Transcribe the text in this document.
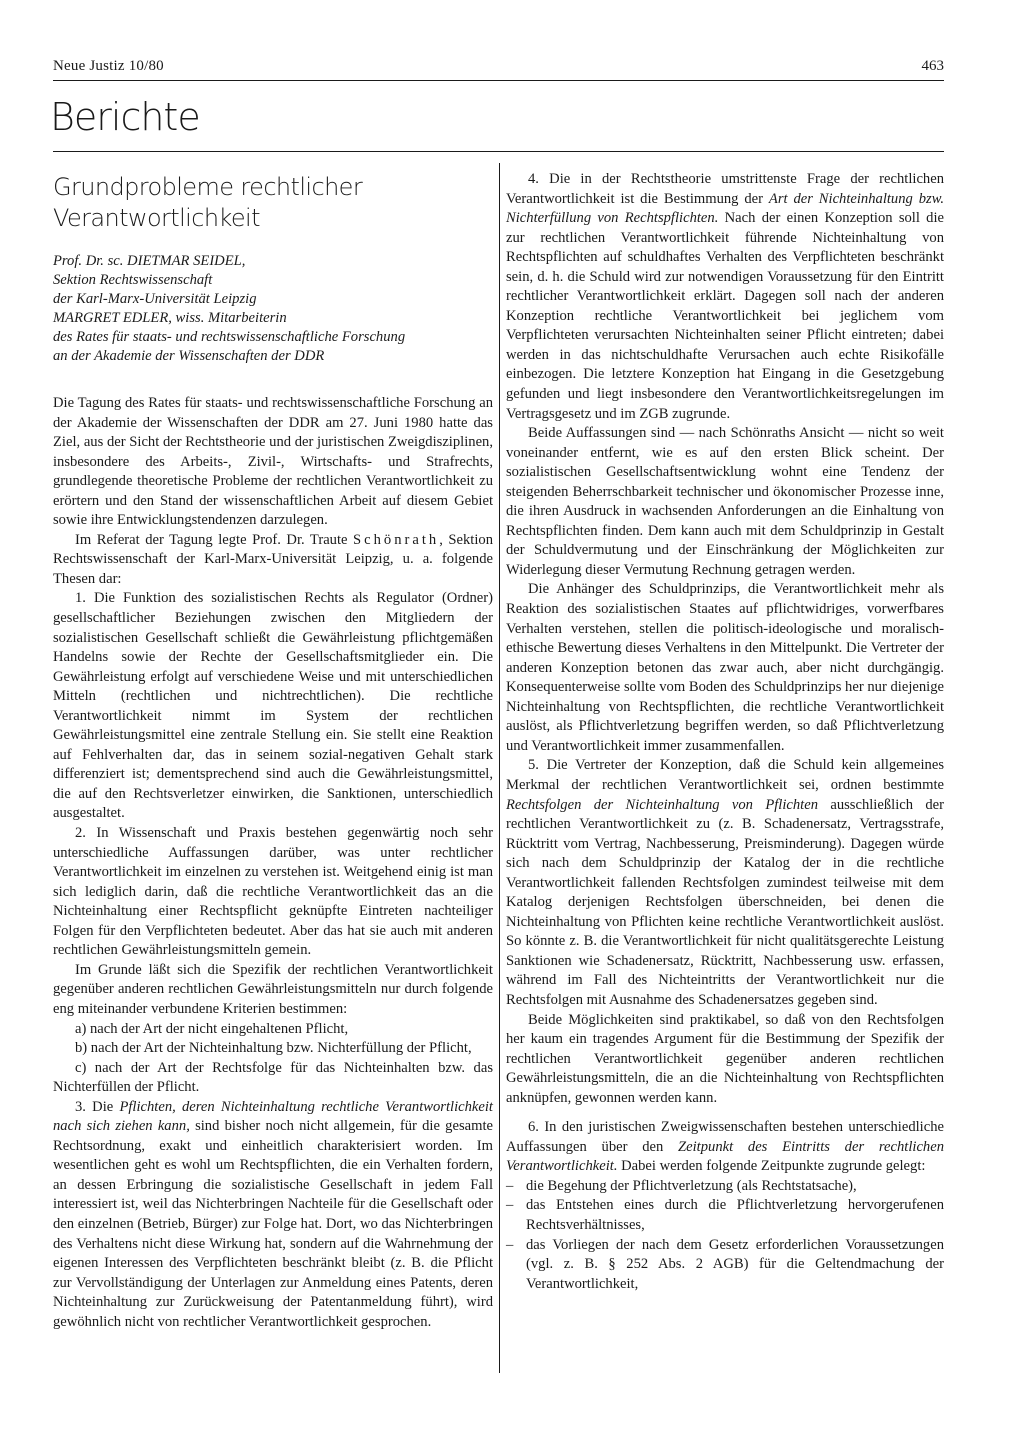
Neue Justiz 10/80	463
Berichte
Grundprobleme rechtlicher
Verantwortlichkeit
Prof. Dr. sc. DIETMAR SEIDEL,
Sektion Rechtswissenschaft
der Karl-Marx-Universität Leipzig
MARGRET EDLER, wiss. Mitarbeiterin
des Rates für staats- und rechtswissenschaftliche Forschung
an der Akademie der Wissenschaften der DDR

Die Tagung des Rates für staats- und rechtswissenschaftliche Forschung an der Akademie der Wissenschaften der DDR am 27. Juni 1980 hatte das Ziel, aus der Sicht der Rechtstheorie und der juristischen Zweigdisziplinen, insbesondere des Arbeits-, Zivil-, Wirtschafts- und Strafrechts, grundlegende theoretische Probleme der rechtlichen Verantwortlichkeit zu erörtern und den Stand der wissenschaftlichen Arbeit auf diesem Gebiet sowie ihre Entwicklungstendenzen darzulegen.

Im Referat der Tagung legte Prof. Dr. Traute Schönrath, Sektion Rechtswissenschaft der Karl-Marx-Universität Leipzig, u. a. folgende Thesen dar:

1. Die Funktion des sozialistischen Rechts als Regulator (Ordner) gesellschaftlicher Beziehungen zwischen den Mitgliedern der sozialistischen Gesellschaft schließt die Gewährleistung pflichtgemäßen Handelns sowie der Rechte der Gesellschaftsmitglieder ein. Die Gewährleistung erfolgt auf verschiedene Weise und mit unterschiedlichen Mitteln (rechtlichen und nichtrechtlichen). Die rechtliche Verantwortlichkeit nimmt im System der rechtlichen Gewährleistungsmittel eine zentrale Stellung ein. Sie stellt eine Reaktion auf Fehlverhalten dar, das in seinem sozial-negativen Gehalt stark differenziert ist; dementsprechend sind auch die Gewährleistungsmittel, die auf den Rechtsverletzer einwirken, die Sanktionen, unterschiedlich ausgestaltet.

2. In Wissenschaft und Praxis bestehen gegenwärtig noch sehr unterschiedliche Auffassungen darüber, was unter rechtlicher Verantwortlichkeit im einzelnen zu verstehen ist. Weitgehend einig ist man sich lediglich darin, daß die rechtliche Verantwortlichkeit das an die Nichteinhaltung einer Rechtspflicht geknüpfte Eintreten nachteiliger Folgen für den Verpflichteten bedeutet. Aber das hat sie auch mit anderen rechtlichen Gewährleistungsmitteln gemein.

Im Grunde läßt sich die Spezifik der rechtlichen Verantwortlichkeit gegenüber anderen rechtlichen Gewährleistungsmitteln nur durch folgende eng miteinander verbundene Kriterien bestimmen:

a) nach der Art der nicht eingehaltenen Pflicht,

b) nach der Art der Nichteinhaltung bzw. Nichterfüllung der Pflicht,

c) nach der Art der Rechtsfolge für das Nichteinhalten bzw. das Nichterfüllen der Pflicht.

3. Die Pflichten, deren Nichteinhaltung rechtliche Verantwortlichkeit nach sich ziehen kann, sind bisher noch nicht allgemein, für die gesamte Rechtsordnung, exakt und einheitlich charakterisiert worden. Im wesentlichen geht es wohl um Rechtspflichten, die ein Verhalten fordern, an dessen Erbringung die sozialistische Gesellschaft in jedem Fall interessiert ist, weil das Nichterbringen Nachteile für die Gesellschaft oder den einzelnen (Betrieb, Bürger) zur Folge hat. Dort, wo das Nichterbringen des Verhaltens nicht diese Wirkung hat, sondern auf die Wahrnehmung der eigenen Interessen des Verpflichteten beschränkt bleibt (z. B. die Pflicht zur Vervollständigung der Unterlagen zur Anmeldung eines Patents, deren Nichteinhaltung zur Zurückweisung der Patentanmeldung führt), wird gewöhnlich nicht von rechtlicher Verantwortlichkeit gesprochen.

4. Die in der Rechtstheorie umstrittenste Frage der rechtlichen Verantwortlichkeit ist die Bestimmung der Art der Nichteinhaltung bzw. Nichterfüllung von Rechtspflichten. Nach der einen Konzeption soll die zur rechtlichen Verantwortlichkeit führende Nichteinhaltung von Rechtspflichten auf schuldhaftes Verhalten des Verpflichteten beschränkt sein, d. h. die Schuld wird zur notwendigen Voraussetzung für den Eintritt rechtlicher Verantwortlichkeit erklärt. Dagegen soll nach der anderen Konzeption rechtliche Verantwortlichkeit bei jeglichem vom Verpflichteten verursachten Nichteinhalten seiner Pflicht eintreten; dabei werden in das nichtschuldhafte Verursachen auch echte Risikofälle einbezogen. Die letztere Konzeption hat Eingang in die Gesetzgebung gefunden und liegt insbesondere den Verantwortlichkeitsregelungen im Vertragsgesetz und im ZGB zugrunde.

Beide Auffassungen sind — nach Schönraths Ansicht — nicht so weit voneinander entfernt, wie es auf den ersten Blick scheint. Der sozialistischen Gesellschaftsentwicklung wohnt eine Tendenz der steigenden Beherrschbarkeit technischer und ökonomischer Prozesse inne, die ihren Ausdruck in wachsenden Anforderungen an die Einhaltung von Rechtspflichten finden. Dem kann auch mit dem Schuldprinzip in Gestalt der Schuldvermutung und der Einschränkung der Möglichkeiten zur Widerlegung dieser Vermutung Rechnung getragen werden.

Die Anhänger des Schuldprinzips, die Verantwortlichkeit mehr als Reaktion des sozialistischen Staates auf pflichtwidriges, vorwerfbares Verhalten verstehen, stellen die politisch-ideologische und moralisch-ethische Bewertung dieses Verhaltens in den Mittelpunkt. Die Vertreter der anderen Konzeption betonen das zwar auch, aber nicht durchgängig. Konsequenterweise sollte vom Boden des Schuldprinzips her nur diejenige Nichteinhaltung von Rechtspflichten, die rechtliche Verantwortlichkeit auslöst, als Pflichtverletzung begriffen werden, so daß Pflichtverletzung und Verantwortlichkeit immer zusammenfallen.

5. Die Vertreter der Konzeption, daß die Schuld kein allgemeines Merkmal der rechtlichen Verantwortlichkeit sei, ordnen bestimmte Rechtsfolgen der Nichteinhaltung von Pflichten ausschließlich der rechtlichen Verantwortlichkeit zu (z. B. Schadenersatz, Vertragsstrafe, Rücktritt vom Vertrag, Nachbesserung, Preisminderung). Dagegen würde sich nach dem Schuldprinzip der Katalog der in die rechtliche Verantwortlichkeit fallenden Rechtsfolgen zumindest teilweise mit dem Katalog derjenigen Rechtsfolgen überschneiden, bei denen die Nichteinhaltung von Pflichten keine rechtliche Verantwortlichkeit auslöst. So könnte z. B. die Verantwortlichkeit für nicht qualitätsgerechte Leistung Sanktionen wie Schadenersatz, Rücktritt, Nachbesserung usw. erfassen, während im Fall des Nichteintritts der Verantwortlichkeit nur die Rechtsfolgen mit Ausnahme des Schadenersatzes gegeben sind.

Beide Möglichkeiten sind praktikabel, so daß von den Rechtsfolgen her kaum ein tragendes Argument für die Bestimmung der Spezifik der rechtlichen Verantwortlichkeit gegenüber anderen rechtlichen Gewährleistungsmitteln, die an die Nichteinhaltung von Rechtspflichten anknüpfen, gewonnen werden kann.

6. In den juristischen Zweigwissenschaften bestehen unterschiedliche Auffassungen über den Zeitpunkt des Eintritts der rechtlichen Verantwortlichkeit. Dabei werden folgende Zeitpunkte zugrunde gelegt:

– die Begehung der Pflichtverletzung (als Rechtstatsache),
– das Entstehen eines durch die Pflichtverletzung hervorgerufenen Rechtsverhältnisses,
– das Vorliegen der nach dem Gesetz erforderlichen Voraussetzungen (vgl. z. B. § 252 Abs. 2 AGB) für die Geltendmachung der Verantwortlichkeit,
